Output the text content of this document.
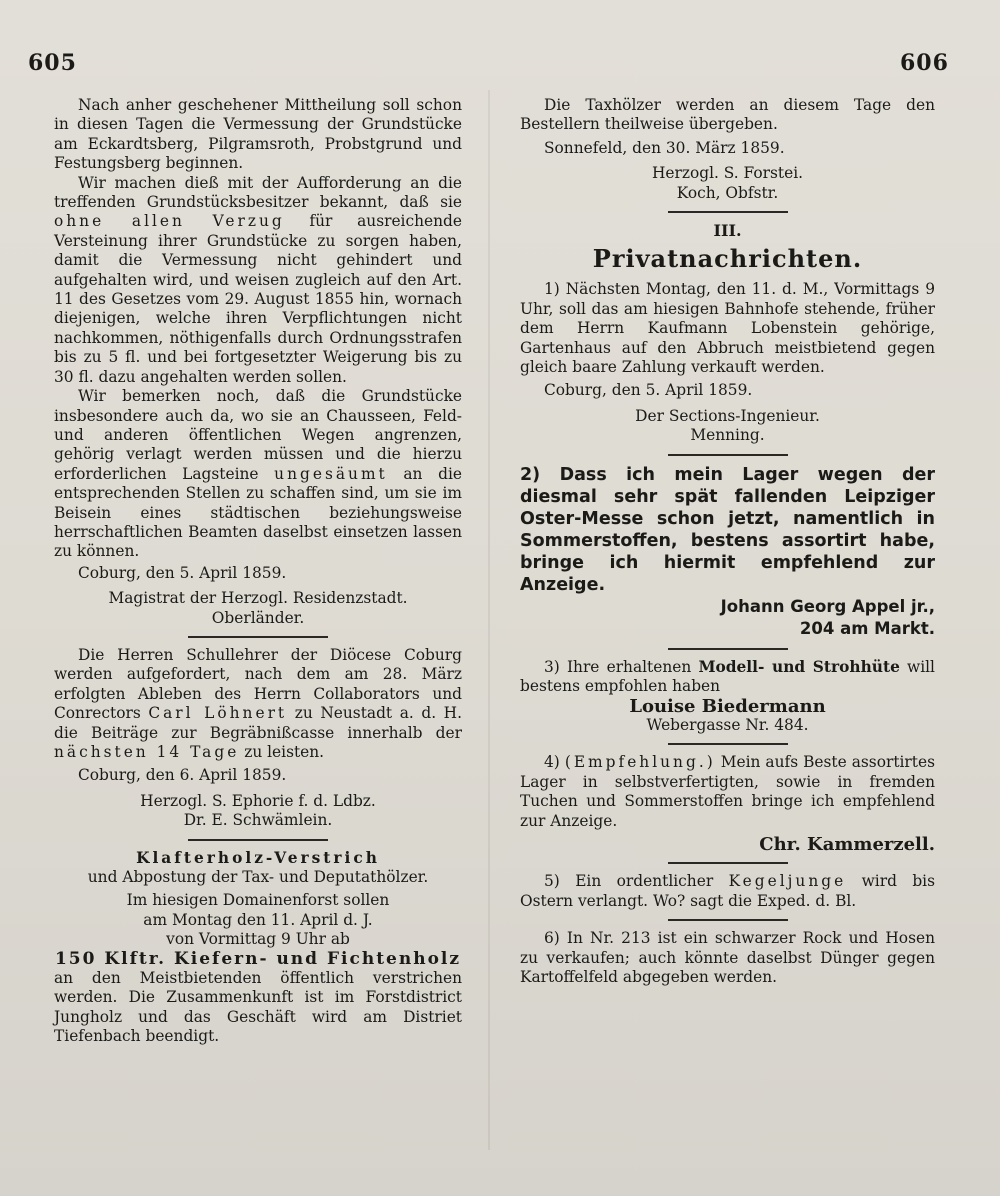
605	606

Nach anher geschehener Mittheilung soll schon in diesen Tagen die Vermessung der Grundstücke am Eckardtsberg, Pilgramsroth, Probstgrund und Festungsberg beginnen.

Wir machen dieß mit der Aufforderung an die treffenden Grundstücksbesitzer bekannt, daß sie ohne allen Verzug für ausreichende Versteinung ihrer Grundstücke zu sorgen haben, damit die Vermessung nicht gehindert und aufgehalten wird, und weisen zugleich auf den Art. 11 des Gesetzes vom 29. August 1855 hin, wornach diejenigen, welche ihren Verpflichtungen nicht nachkommen, nöthigenfalls durch Ordnungsstrafen bis zu 5 fl. und bei fortgesetzter Weigerung bis zu 30 fl. dazu angehalten werden sollen.

Wir bemerken noch, daß die Grundstücke insbesondere auch da, wo sie an Chausseen, Feld- und anderen öffentlichen Wegen angrenzen, gehörig verlagt werden müssen und die hierzu erforderlichen Lagsteine ungesäumt an die entsprechenden Stellen zu schaffen sind, um sie im Beisein eines städtischen beziehungsweise herrschaftlichen Beamten daselbst einsetzen lassen zu können.

Coburg, den 5. April 1859.

Magistrat der Herzogl. Residenzstadt.

Oberländer.

Die Herren Schullehrer der Diöcese Coburg werden aufgefordert, nach dem am 28. März erfolgten Ableben des Herrn Collaborators und Conrectors Carl Löhnert zu Neustadt a. d. H. die Beiträge zur Begräbnißcasse innerhalb der nächsten 14 Tage zu leisten.

Coburg, den 6. April 1859.

Herzogl. S. Ephorie f. d. Ldbz.

Dr. E. Schwämlein.

Klafterholz-Verstrich

und Abpostung der Tax- und Deputathölzer.

Im hiesigen Domainenforst sollen

am Montag den 11. April d. J.

von Vormittag 9 Uhr ab

150 Klftr. Kiefern- und Fichtenholz

an den Meistbietenden öffentlich verstrichen werden. Die Zusammenkunft ist im Forstdistrict Jungholz und das Geschäft wird am Distriet Tiefenbach beendigt.

Die Taxhölzer werden an diesem Tage den Bestellern theilweise übergeben.

Sonnefeld, den 30. März 1859.

Herzogl. S. Forstei.

Koch, Obfstr.

III.
Privatnachrichten.

1) Nächsten Montag, den 11. d. M., Vormittags 9 Uhr, soll das am hiesigen Bahnhofe stehende, früher dem Herrn Kaufmann Lobenstein gehörige, Gartenhaus auf den Abbruch meistbietend gegen gleich baare Zahlung verkauft werden.

Coburg, den 5. April 1859.

Der Sections-Ingenieur.

Menning.

2) Dass ich mein Lager wegen der diesmal sehr spät fallenden Leipziger Oster-Messe schon jetzt, namentlich in Sommerstoffen, bestens assortirt habe, bringe ich hiermit empfehlend zur Anzeige.

Johann Georg Appel jr.,

204 am Markt.

3) Ihre erhaltenen Modell- und Strohhüte will bestens empfohlen haben

Louise Biedermann

Webergasse Nr. 484.

4) (Empfehlung.) Mein aufs Beste assortirtes Lager in selbstverfertigten, sowie in fremden Tuchen und Sommerstoffen bringe ich empfehlend zur Anzeige.

Chr. Kammerzell.

5) Ein ordentlicher Kegeljunge wird bis Ostern verlangt. Wo? sagt die Exped. d. Bl.

6) In Nr. 213 ist ein schwarzer Rock und Hosen zu verkaufen; auch könnte daselbst Dünger gegen Kartoffelfeld abgegeben werden.
